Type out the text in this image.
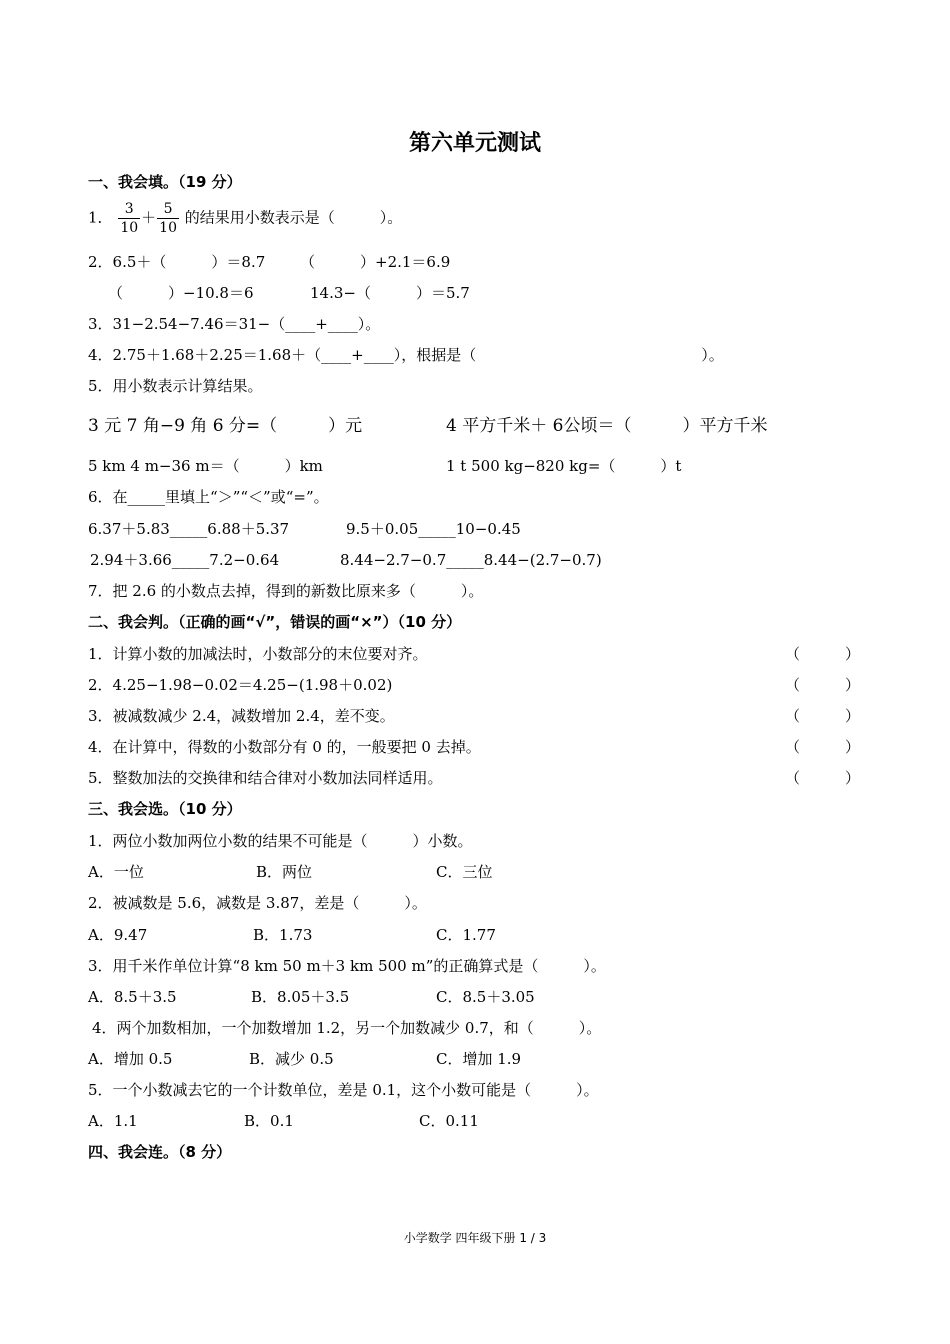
第六单元测试
一、我会填。（19 分）
1． $\frac{3}{10} + \frac{5}{10}$ 的结果用小数表示是（　　　）。
2．6.5＋（　　　）＝8.7 （　　　）+2.1＝6.9
（　　　）−10.8＝6	14.3−（　　　）＝5.7
3．31−2.54−7.46＝31−（____+____）。
4．2.75＋1.68＋2.25＝1.68＋（____+____），根据是（　　　　　　　　　　　　　　　）。
5．用小数表示计算结果。
3 元 7 角−9 角 6 分=（　　　）元	4 平方千米＋ 6公顷＝（　　　）平方千米
5 km 4 m−36 m＝（　　　）km	1 t 500 kg−820 kg=（　　　）t
6．在_____里填上“＞”“＜”或“=”。
6.37＋5.83_____6.88＋5.37	9.5＋0.05_____10−0.45
2.94＋3.66_____7.2−0.64	8.44−2.7−0.7_____8.44−(2.7−0.7)
7．把 2.6 的小数点去掉，得到的新数比原来多（　　　）。
二、我会判。（正确的画“√”，错误的画“×”）（10 分）
1．计算小数的加减法时，小数部分的末位要对齐。	（　　　）
2．4.25−1.98−0.02＝4.25−(1.98＋0.02)	（　　　）
3．被减数减少 2.4，减数增加 2.4，差不变。	（　　　）
4．在计算中，得数的小数部分有 0 的，一般要把 0 去掉。	（　　　）
5．整数加法的交换律和结合律对小数加法同样适用。	（　　　）
三、我会选。（10 分）
1．两位小数加两位小数的结果不可能是（　　　）小数。
A．一位	B．两位	C．三位
2．被减数是 5.6，减数是 3.87，差是（　　　）。
A．9.47	B．1.73	C．1.77
3．用千米作单位计算“8 km 50 m＋3 km 500 m”的正确算式是（　　　）。
A．8.5＋3.5	B．8.05＋3.5	C．8.5＋3.05
4．两个加数相加，一个加数增加 1.2，另一个加数减少 0.7，和（　　　）。
A．增加 0.5	B．减少 0.5	C．增加 1.9
5．一个小数减去它的一个计数单位，差是 0.1，这个小数可能是（　　　）。
A．1.1	B．0.1	C．0.11
四、我会连。（8 分）
小学数学 四年级下册 1 / 3
